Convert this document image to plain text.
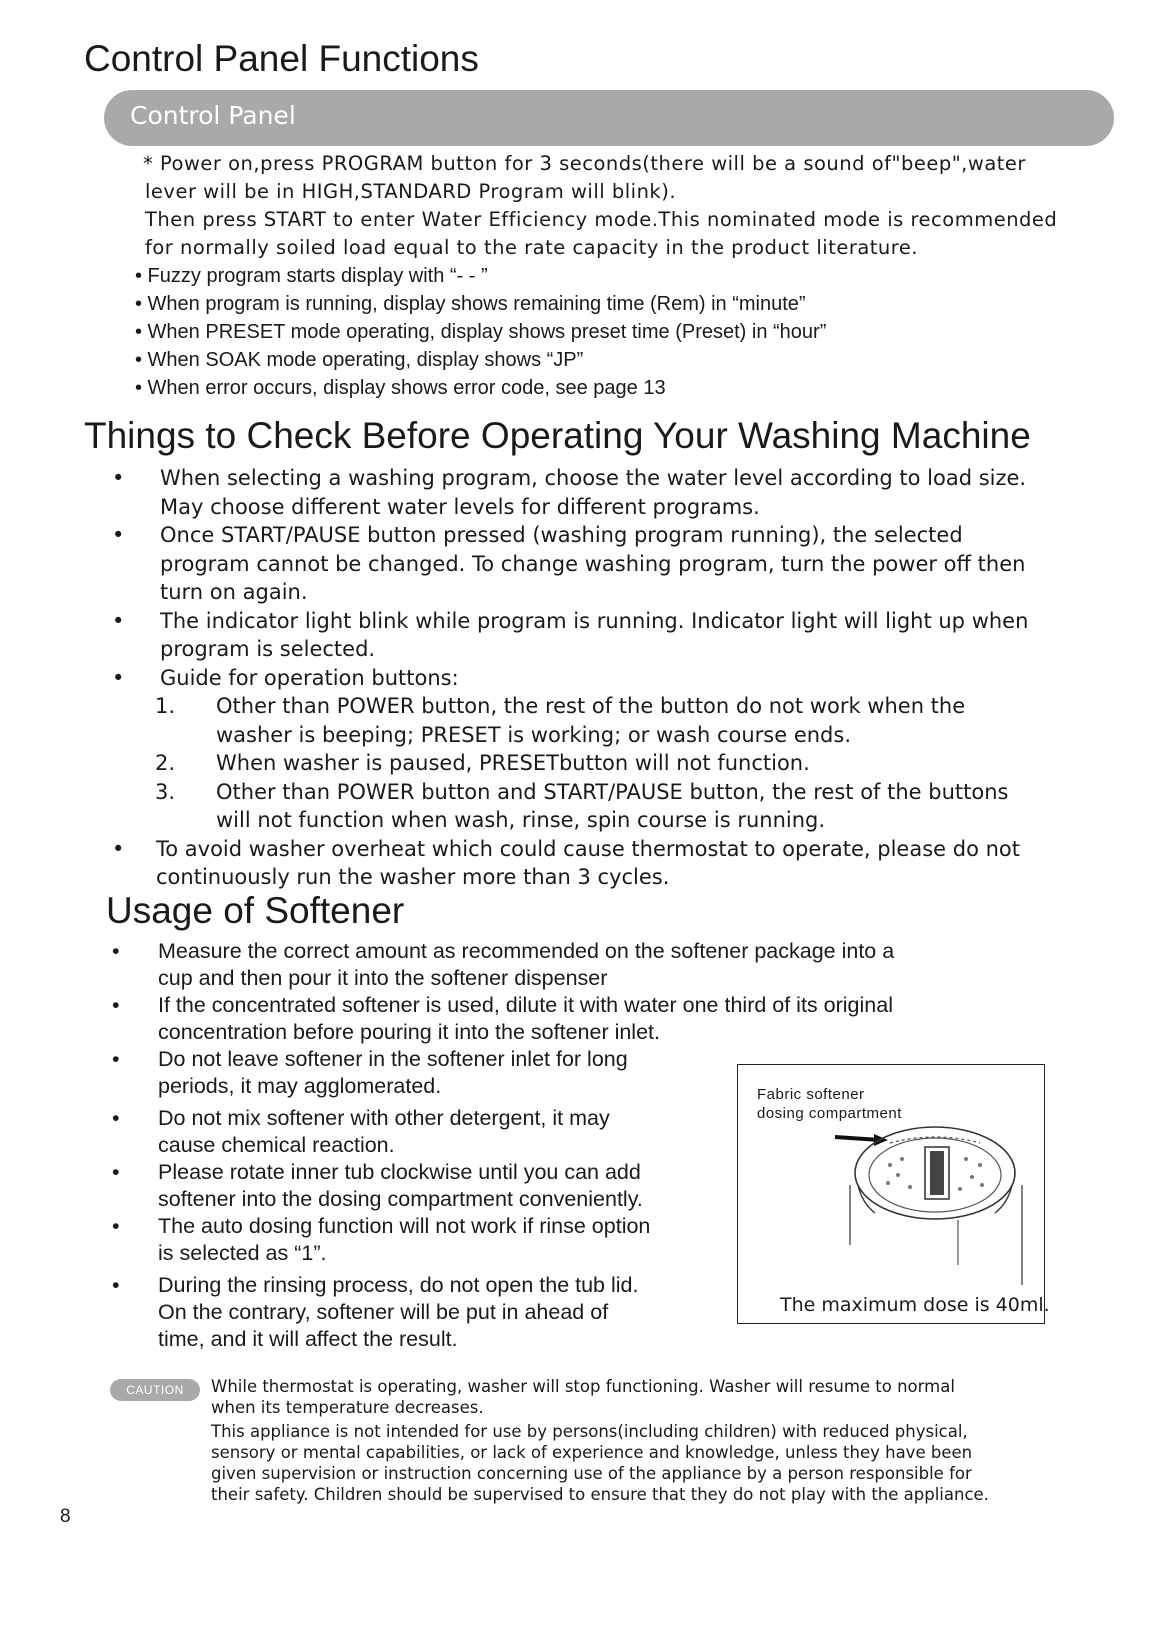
Control Panel Functions
Control Panel

* Power on,press PROGRAM button for 3 seconds(there will be a sound of"beep",water

lever will be in HIGH,STANDARD Program will blink).

Then press START to enter Water Efficiency mode.This nominated mode is recommended

for normally soiled load equal to the rate capacity in the product literature.

• Fuzzy program starts display with “- - ”

• When program is running, display shows remaining time (Rem) in “minute”

• When PRESET mode operating, display shows preset time (Preset) in “hour”

• When SOAK mode operating, display shows “JP”

• When error occurs, display shows error code, see page 13

Things to Check Before Operating Your Washing Machine
• When selecting a washing program, choose the water level according to load size.
May choose different water levels for different programs.
• Once START/PAUSE button pressed (washing program running), the selected
program cannot be changed. To change washing program, turn the power off then
turn on again.
• The indicator light blink while program is running. Indicator light will light up when
program is selected.
• Guide for operation buttons:
1. Other than POWER button, the rest of the button do not work when the
washer is beeping; PRESET is working; or wash course ends.
2. When washer is paused, PRESETbutton will not function.
3. Other than POWER button and START/PAUSE button, the rest of the buttons
will not function when wash, rinse, spin course is running.
• To avoid washer overheat which could cause thermostat to operate, please do not
continuously run the washer more than 3 cycles.
Usage of Softener
• Measure the correct amount as recommended on the softener package into a
cup and then pour it into the softener dispenser
• If the concentrated softener is used, dilute it with water one third of its original
concentration before pouring it into the softener inlet.
• Do not leave softener in the softener inlet for long
periods, it may agglomerated.
• Do not mix softener with other detergent, it may
cause chemical reaction.
• Please rotate inner tub clockwise until you can add
softener into the dosing compartment conveniently.
• The auto dosing function will not work if rinse option
is selected as “1”.
• During the rinsing process, do not open the tub lid.
On the contrary, softener will be put in ahead of
time, and it will affect the result.
Fabric softener
dosing compartment
The maximum dose is 40ml.
CAUTION	While thermostat is operating, washer will stop functioning. Washer will resume to normal

when its temperature decreases.

This appliance is not intended for use by persons(including children) with reduced physical,

sensory or mental capabilities, or lack of experience and knowledge, unless they have been

given supervision or instruction concerning use of the appliance by a person responsible for

their safety. Children should be supervised to ensure that they do not play with the appliance.

8
